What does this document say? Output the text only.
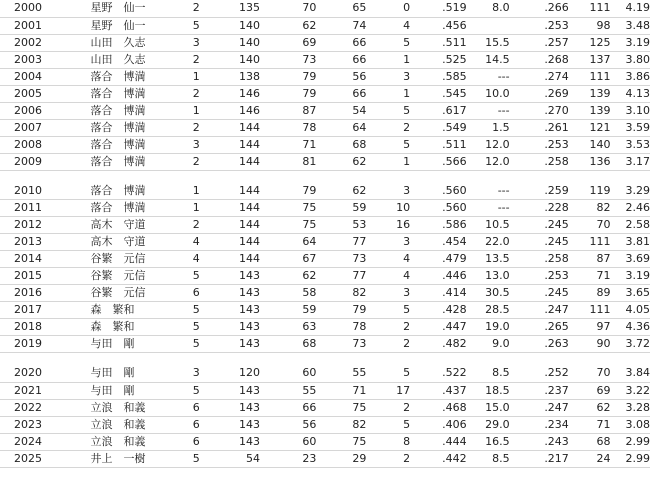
2000	星野　仙一	2	135	70	65	0	.519	8.0	.266	111	4.19
2001	星野　仙一	5	140	62	74	4	.456		.253	98	3.48
2002	山田　久志	3	140	69	66	5	.511	15.5	.257	125	3.19
2003	山田　久志	2	140	73	66	1	.525	14.5	.268	137	3.80
2004	落合　博満	1	138	79	56	3	.585	---	.274	111	3.86
2005	落合　博満	2	146	79	66	1	.545	10.0	.269	139	4.13
2006	落合　博満	1	146	87	54	5	.617	---	.270	139	3.10
2007	落合　博満	2	144	78	64	2	.549	1.5	.261	121	3.59
2008	落合　博満	3	144	71	68	5	.511	12.0	.253	140	3.53
2009	落合　博満	2	144	81	62	1	.566	12.0	.258	136	3.17

2010	落合　博満	1	144	79	62	3	.560	---	.259	119	3.29
2011	落合　博満	1	144	75	59	10	.560	---	.228	82	2.46
2012	高木　守道	2	144	75	53	16	.586	10.5	.245	70	2.58
2013	高木　守道	4	144	64	77	3	.454	22.0	.245	111	3.81
2014	谷繁　元信	4	144	67	73	4	.479	13.5	.258	87	3.69
2015	谷繁　元信	5	143	62	77	4	.446	13.0	.253	71	3.19
2016	谷繁　元信	6	143	58	82	3	.414	30.5	.245	89	3.65
2017	森　繁和	5	143	59	79	5	.428	28.5	.247	111	4.05
2018	森　繁和	5	143	63	78	2	.447	19.0	.265	97	4.36
2019	与田　剛	5	143	68	73	2	.482	9.0	.263	90	3.72

2020	与田　剛	3	120	60	55	5	.522	8.5	.252	70	3.84
2021	与田　剛	5	143	55	71	17	.437	18.5	.237	69	3.22
2022	立浪　和義	6	143	66	75	2	.468	15.0	.247	62	3.28
2023	立浪　和義	6	143	56	82	5	.406	29.0	.234	71	3.08
2024	立浪　和義	6	143	60	75	8	.444	16.5	.243	68	2.99
2025	井上　一樹	5	54	23	29	2	.442	8.5	.217	24	2.99
